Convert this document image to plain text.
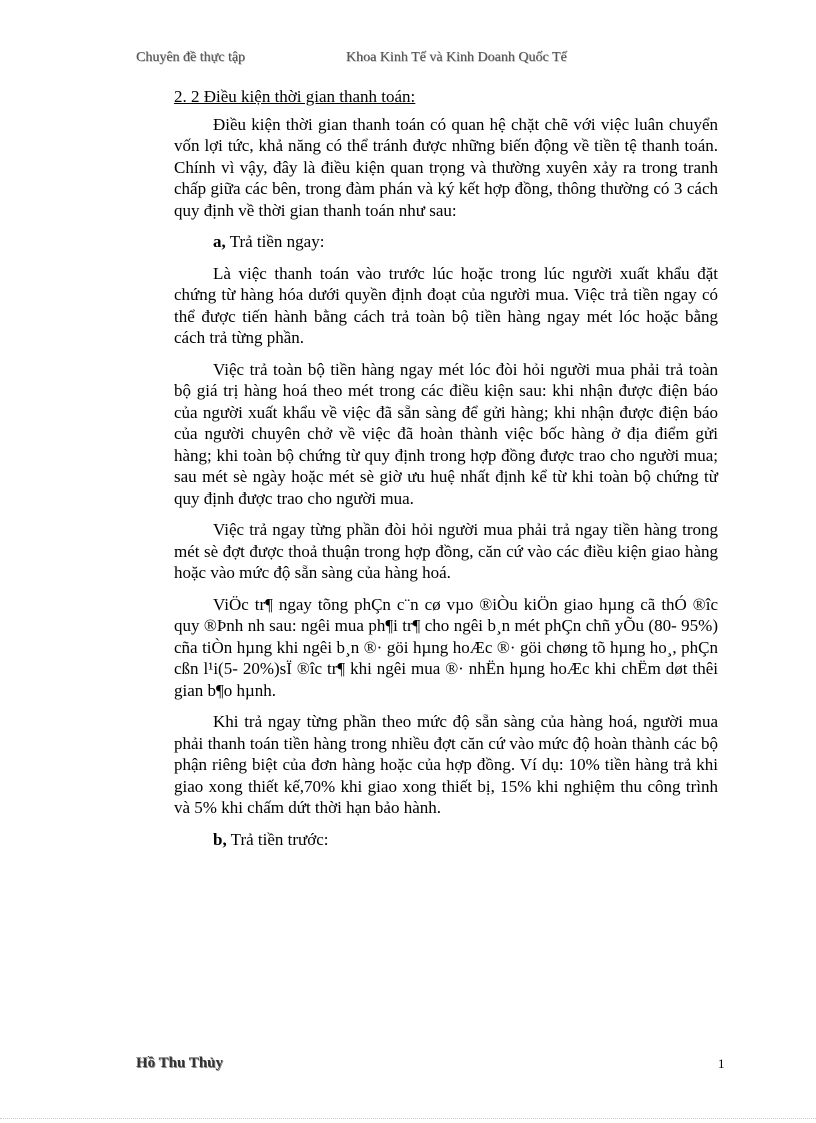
Chuyên đề thực tập	Khoa Kinh Tế và Kinh Doanh Quốc Tế
2. 2 Điều kiện thời gian thanh toán:

Điều kiện thời gian thanh toán có quan hệ chặt chẽ với việc luân chuyển vốn lợi tức, khả năng có thể tránh được những biến động về tiền tệ thanh toán. Chính vì vậy, đây là điều kiện quan trọng và thường xuyên xảy ra trong tranh chấp giữa các bên, trong đàm phán và ký kết hợp đồng, thông thường có 3 cách quy định về thời gian thanh toán như sau:

a, Trả tiền ngay:

Là việc thanh toán vào trước lúc hoặc trong lúc người xuất khẩu đặt chứng từ hàng hóa dưới quyền định đoạt của người mua. Việc trả tiền ngay có thể được tiến hành bằng cách trả toàn bộ tiền hàng ngay mét lóc hoặc bằng cách trả từng phần.

Việc trả toàn bộ tiền hàng ngay mét lóc đòi hỏi người mua phải trả toàn bộ giá trị hàng hoá theo mét trong các điều kiện sau: khi nhận được điện báo của người xuất khẩu về việc đã sẵn sàng để gửi hàng; khi nhận được điện báo của người chuyên chở về việc đã hoàn thành việc bốc hàng ở địa điểm gửi hàng; khi toàn bộ chứng từ quy định trong hợp đồng được trao cho người mua; sau mét sè ngày hoặc mét sè giờ ưu huệ nhất định kể từ khi toàn bộ chứng từ quy định được trao cho người mua.

Việc trả ngay từng phần đòi hỏi người mua phải trả ngay tiền hàng trong mét sè đợt được thoả thuận trong hợp đồng, căn cứ vào các điều kiện giao hàng hoặc vào mức độ sẵn sàng của hàng hoá.

ViÖc tr¶ ngay tõng phÇn c¨n cø vµo ®iÒu kiÖn giao hµng cã thÓ ®îc quy ®Þnh nh sau: ngêi mua ph¶i tr¶ cho ngêi b¸n mét phÇn chñ yÕu (80- 95%) cña tiÒn hµng khi ngêi b¸n ®· göi hµng hoÆc ®· göi chøng tõ hµng ho¸, phÇn cßn l¹i(5- 20%)sÏ ®îc tr¶ khi ngêi mua ®· nhËn hµng hoÆc khi chËm døt thêi gian b¶o hµnh.

Khi trả ngay từng phần theo mức độ sẵn sàng của hàng hoá, người mua phải thanh toán tiền hàng trong nhiều đợt căn cứ vào mức độ hoàn thành các bộ phận riêng biệt của đơn hàng hoặc của hợp đồng. Ví dụ: 10% tiền hàng trả khi giao xong thiết kế,70% khi giao xong thiết bị, 15% khi nghiệm thu công trình và 5% khi chấm dứt thời hạn bảo hành.

b, Trả tiền trước:

Hồ Thu Thủy	1
